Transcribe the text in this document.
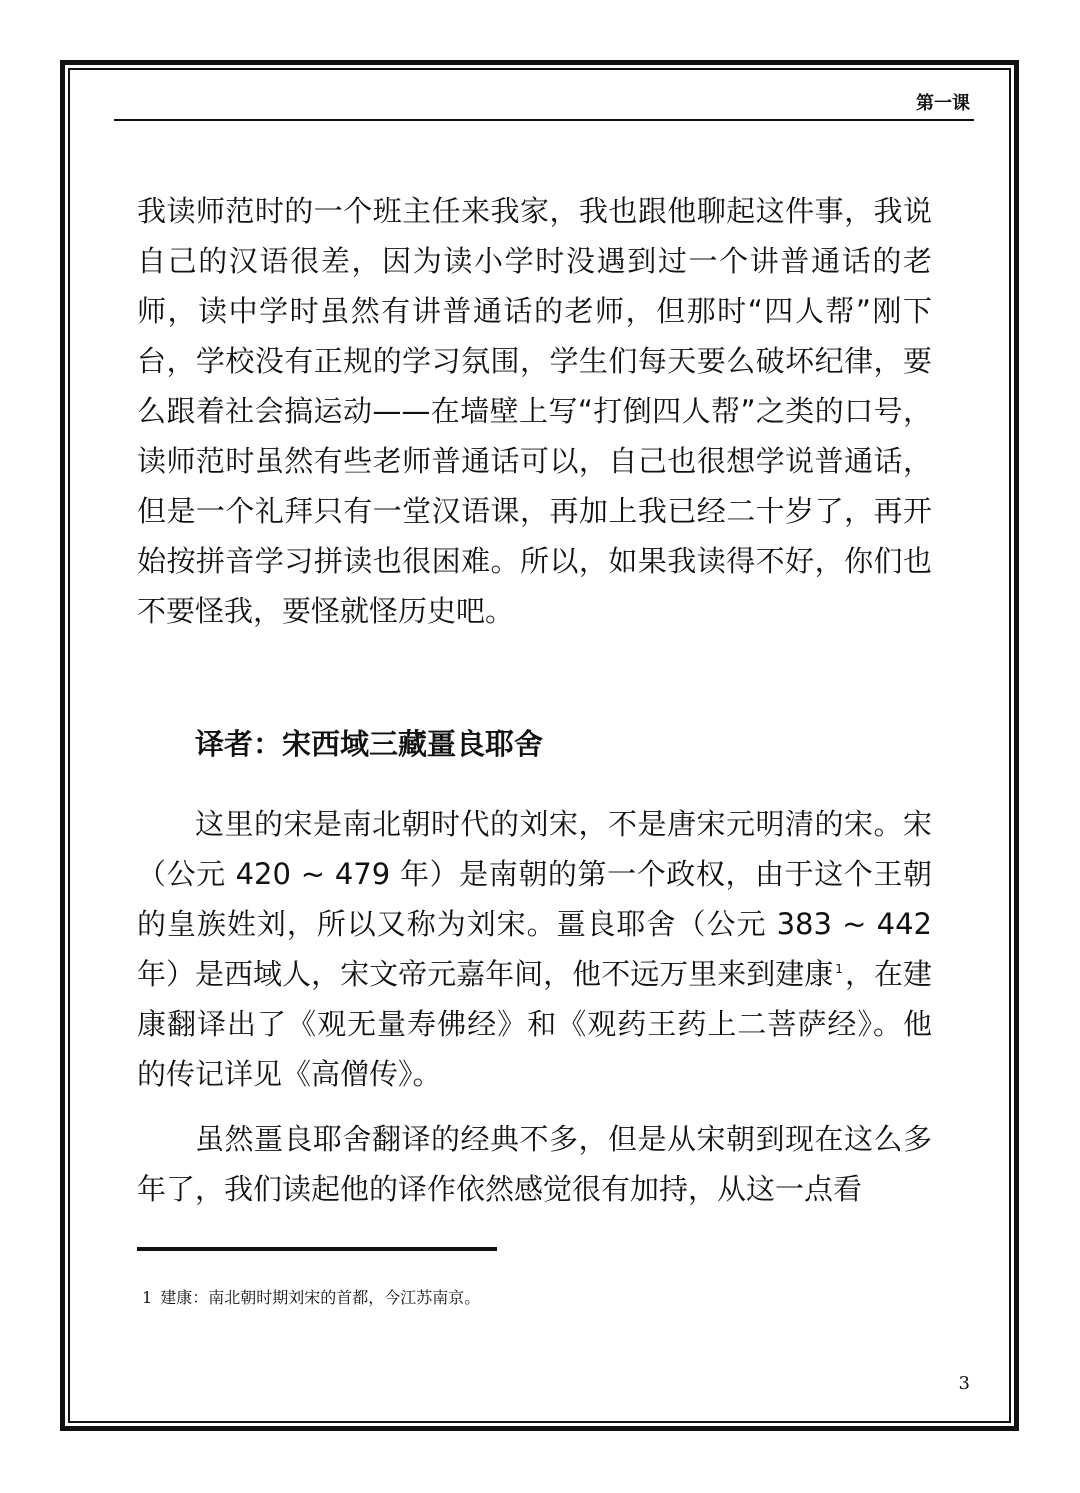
第一课

我读师范时的一个班主任来我家，我也跟他聊起这件事，我说自己的汉语很差，因为读小学时没遇到过一个讲普通话的老师，读中学时虽然有讲普通话的老师，但那时“四人帮”刚下台，学校没有正规的学习氛围，学生们每天要么破坏纪律，要么跟着社会搞运动——在墙壁上写“打倒四人帮”之类的口号，读师范时虽然有些老师普通话可以，自己也很想学说普通话，但是一个礼拜只有一堂汉语课，再加上我已经二十岁了，再开始按拼音学习拼读也很困难。所以，如果我读得不好，你们也不要怪我，要怪就怪历史吧。

译者：宋西域三藏畺良耶舍

这里的宋是南北朝时代的刘宋，不是唐宋元明清的宋。宋（公元 420 ~ 479 年）是南朝的第一个政权，由于这个王朝的皇族姓刘，所以又称为刘宋。畺良耶舍（公元 383 ~ 442 年）是西域人，宋文帝元嘉年间，他不远万里来到建康 $^1$，在建康翻译出了《观无量寿佛经》和《观药王药上二菩萨经》。他的传记详见《高僧传》。

虽然畺良耶舍翻译的经典不多，但是从宋朝到现在这么多年了，我们读起他的译作依然感觉很有加持，从这一点看

1 建康：南北朝时期刘宋的首都，今江苏南京。
3
